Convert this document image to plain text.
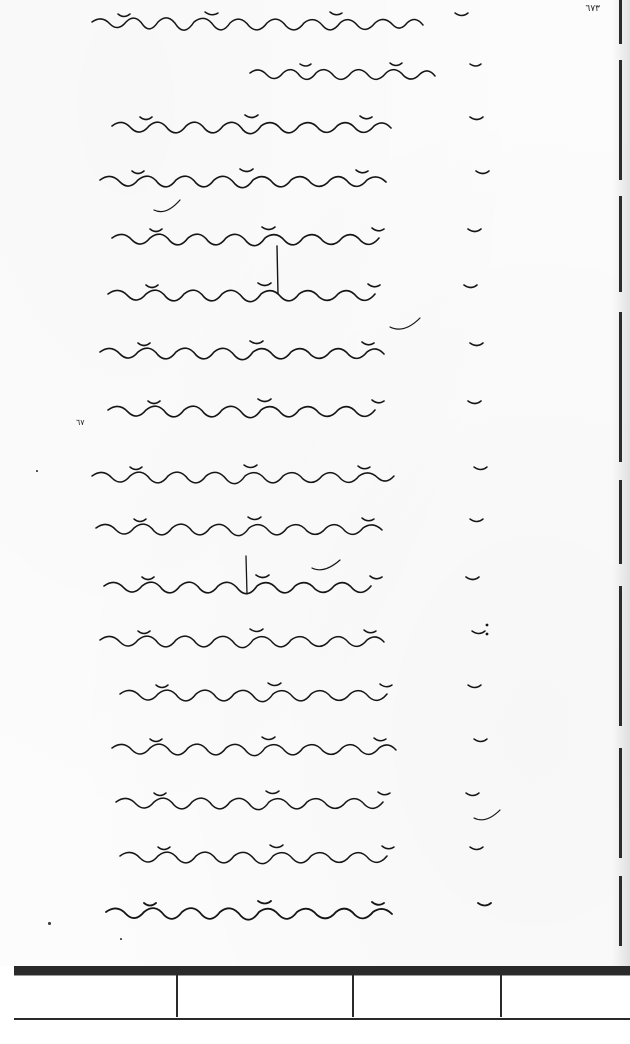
٦٧٣
٦٧
